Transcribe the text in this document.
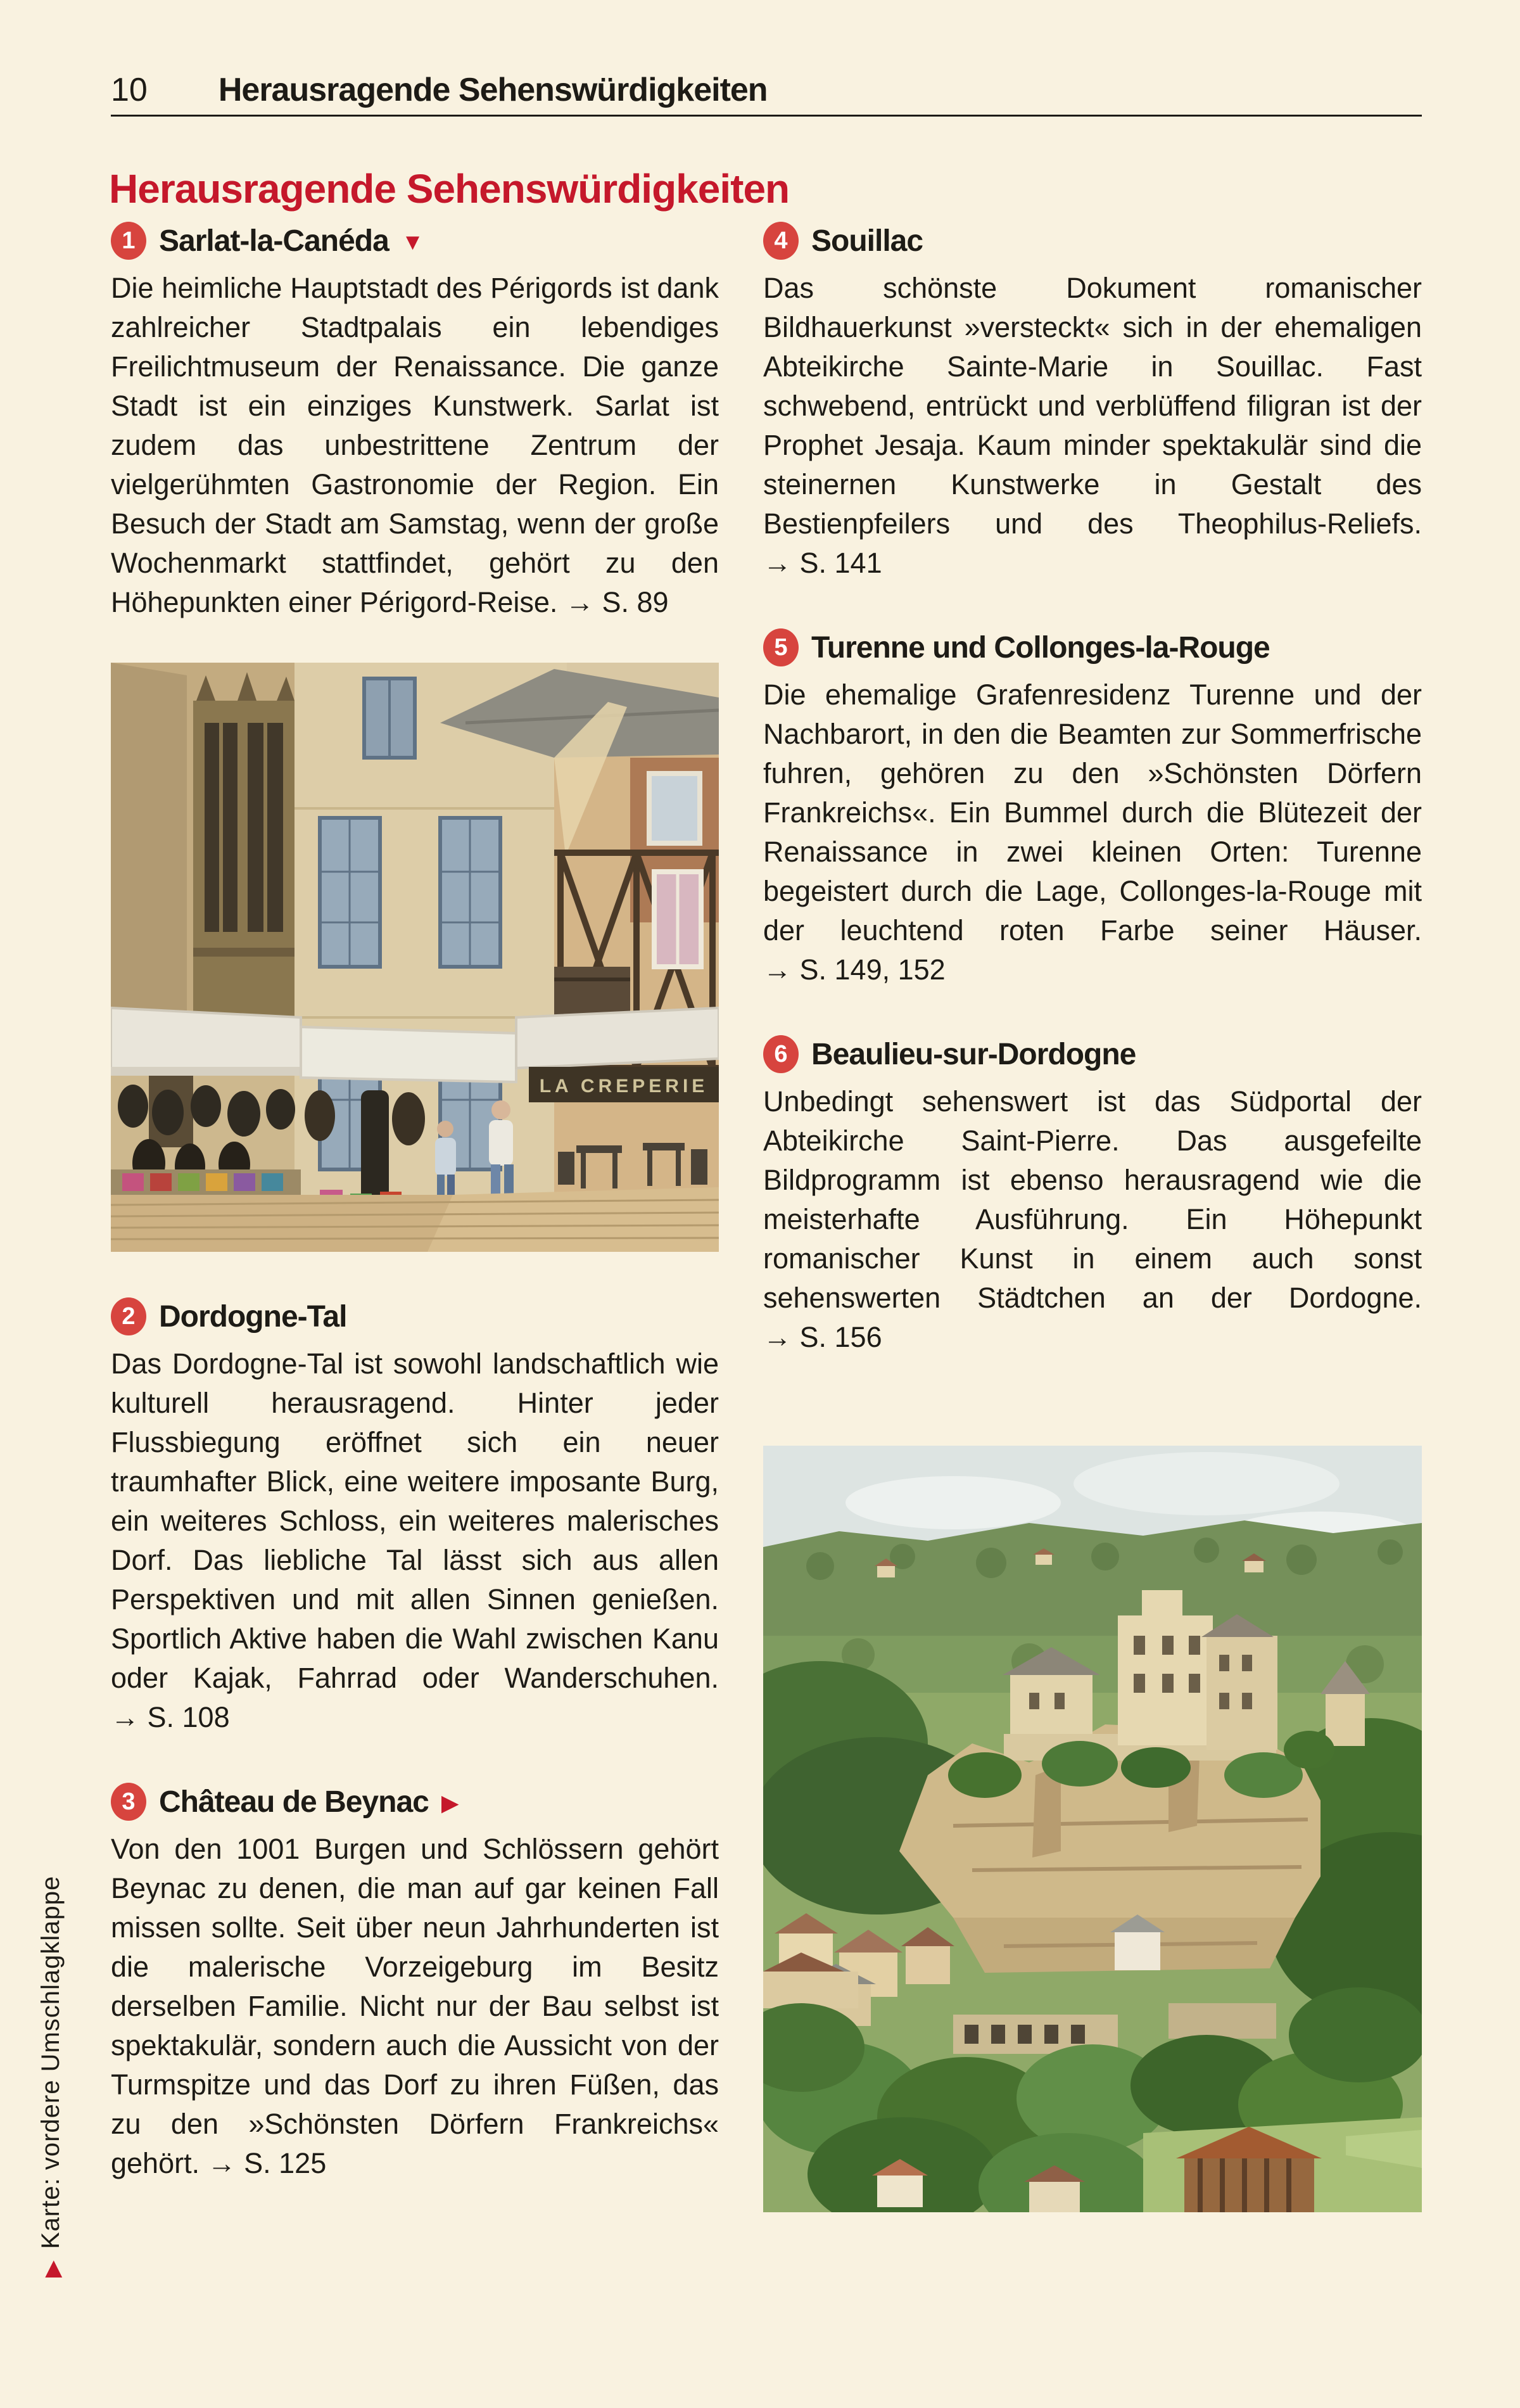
10 Herausragende Sehenswürdigkeiten
Herausragende Sehenswürdigkeiten
1 Sarlat-la-Canéda ▼

Die heimliche Hauptstadt des Périgords ist dank zahlreicher Stadtpalais ein lebendiges Freilichtmuseum der Renaissance. Die ganze Stadt ist ein einziges Kunstwerk. Sarlat ist zudem das unbestrittene Zentrum der vielgerühmten Gastronomie der Region. Ein Besuch der Stadt am Samstag, wenn der große Wochenmarkt stattfindet, gehört zu den Höhepunkten einer Périgord-Reise. → S. 89

LA CREPERIE
2 Dordogne-Tal

Das Dordogne-Tal ist sowohl landschaftlich wie kulturell herausragend. Hinter jeder Flussbiegung eröffnet sich ein neuer traumhafter Blick, eine weitere imposante Burg, ein weiteres Schloss, ein weiteres malerisches Dorf. Das liebliche Tal lässt sich aus allen Perspektiven und mit allen Sinnen genießen. Sportlich Aktive haben die Wahl zwischen Kanu oder Kajak, Fahrrad oder Wanderschuhen. → S. 108

3 Château de Beynac ▶

Von den 1001 Burgen und Schlössern gehört Beynac zu denen, die man auf gar keinen Fall missen sollte. Seit über neun Jahrhunderten ist die malerische Vorzeigeburg im Besitz derselben Familie. Nicht nur der Bau selbst ist spektakulär, sondern auch die Aussicht von der Turmspitze und das Dorf zu ihren Füßen, das zu den »Schönsten Dörfern Frankreichs« gehört. → S. 125

4 Souillac

Das schönste Dokument romanischer Bildhauerkunst »versteckt« sich in der ehemaligen Abteikirche Sainte-Marie in Souillac. Fast schwebend, entrückt und verblüffend filigran ist der Prophet Jesaja. Kaum minder spektakulär sind die steinernen Kunstwerke in Gestalt des Bestienpfeilers und des Theophilus-Reliefs. → S. 141

5 Turenne und Collonges-la-Rouge

Die ehemalige Grafenresidenz Turenne und der Nachbarort, in den die Beamten zur Sommerfrische fuhren, gehören zu den »Schönsten Dörfern Frankreichs«. Ein Bummel durch die Blütezeit der Renaissance in zwei kleinen Orten: Turenne begeistert durch die Lage, Collonges-la-Rouge mit der leuchtend roten Farbe seiner Häuser. → S. 149, 152

6 Beaulieu-sur-Dordogne

Unbedingt sehenswert ist das Südportal der Abteikirche Saint-Pierre. Das ausgefeilte Bildprogramm ist ebenso herausragend wie die meisterhafte Ausführung. Ein Höhepunkt romanischer Kunst in einem auch sonst sehenswerten Städtchen an der Dordogne. → S. 156

Karte: vordere Umschlagklappe
▲
